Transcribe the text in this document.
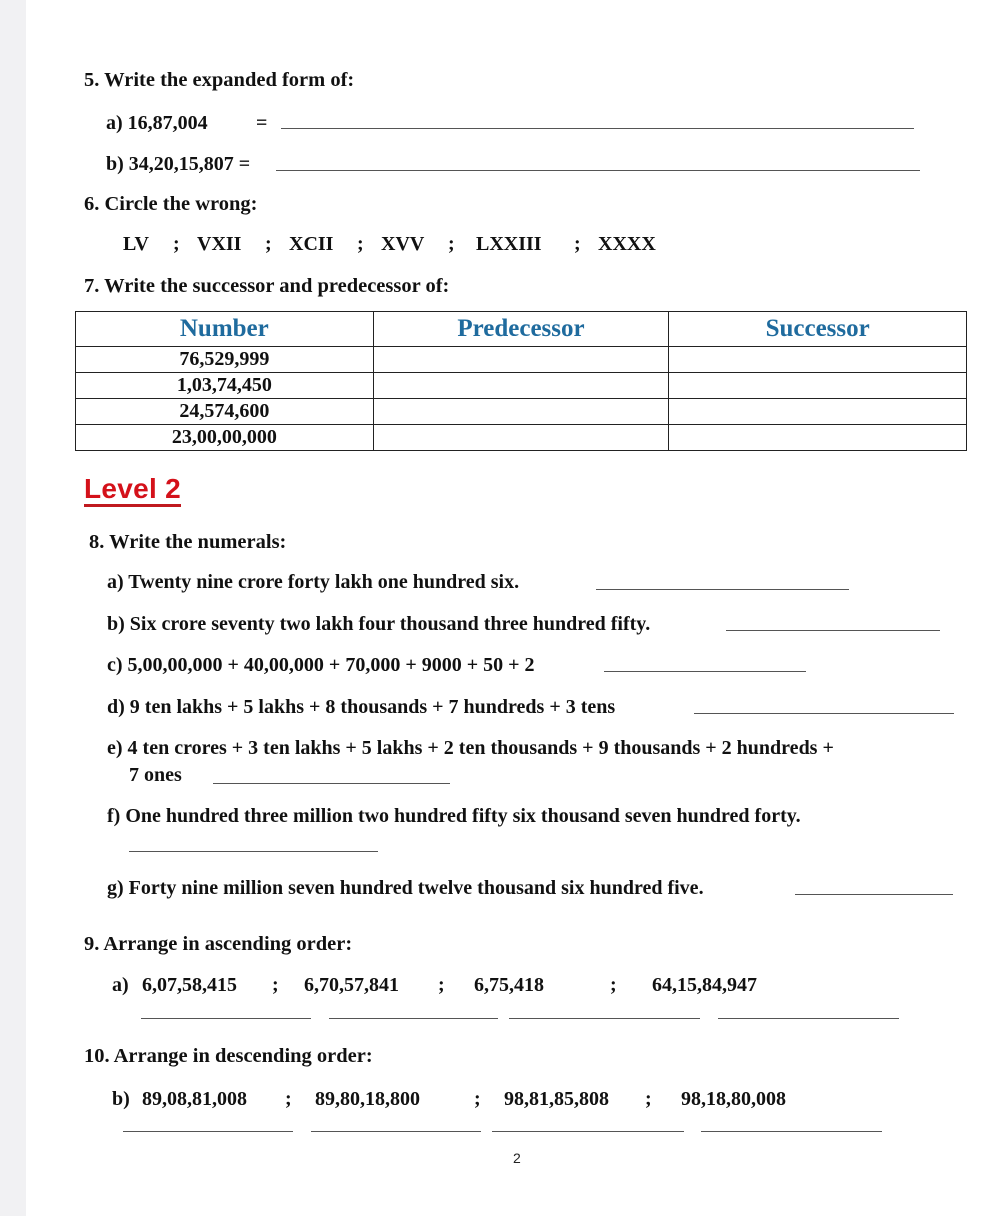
5. Write the expanded form of:
a) 16,87,004 =
b) 34,20,15,807 =
6. Circle the wrong:
LV ; VXII ; XCII ; XVV ; LXXIII ; XXXX
7. Write the successor and predecessor of:
Number	Predecessor	Successor
76,529,999		
1,03,74,450		
24,574,600		
23,00,00,000		
Level 2
8. Write the numerals:
a) Twenty nine crore forty lakh one hundred six.
b) Six crore seventy two lakh four thousand three hundred fifty.
c) 5,00,00,000 + 40,00,000 + 70,000 + 9000 + 50 + 2
d) 9 ten lakhs + 5 lakhs + 8 thousands + 7 hundreds + 3 tens
e) 4 ten crores + 3 ten lakhs + 5 lakhs + 2 ten thousands + 9 thousands + 2 hundreds +
7 ones
f) One hundred three million two hundred fifty six thousand seven hundred forty.
g) Forty nine million seven hundred twelve thousand six hundred five.
9. Arrange in ascending order:
a) 6,07,58,415 ; 6,70,57,841 ; 6,75,418	; 64,15,84,947
10. Arrange in descending order:
b) 89,08,81,008 ; 89,80,18,800	; 98,81,85,808 ; 98,18,80,008
2
